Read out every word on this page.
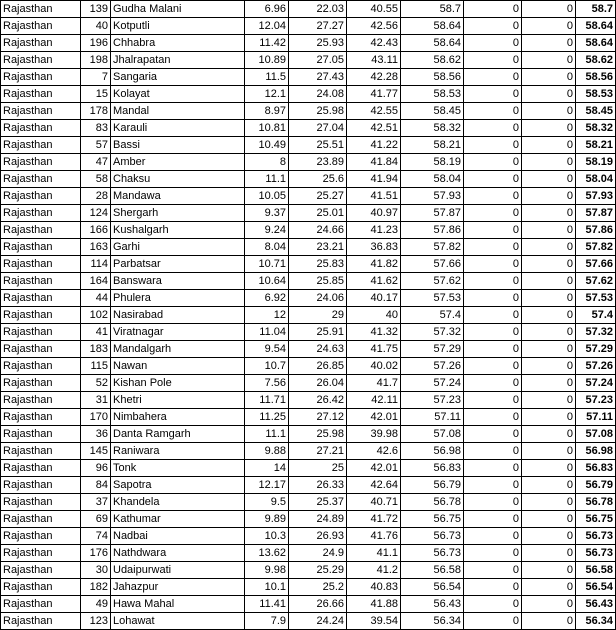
Rajasthan	139	Gudha Malani	6.96	22.03	40.55	58.7	0	0	58.7
Rajasthan	40	Kotputli	12.04	27.27	42.56	58.64	0	0	58.64
Rajasthan	196	Chhabra	11.42	25.93	42.43	58.64	0	0	58.64
Rajasthan	198	Jhalrapatan	10.89	27.05	43.11	58.62	0	0	58.62
Rajasthan	7	Sangaria	11.5	27.43	42.28	58.56	0	0	58.56
Rajasthan	15	Kolayat	12.1	24.08	41.77	58.53	0	0	58.53
Rajasthan	178	Mandal	8.97	25.98	42.55	58.45	0	0	58.45
Rajasthan	83	Karauli	10.81	27.04	42.51	58.32	0	0	58.32
Rajasthan	57	Bassi	10.49	25.51	41.22	58.21	0	0	58.21
Rajasthan	47	Amber	8	23.89	41.84	58.19	0	0	58.19
Rajasthan	58	Chaksu	11.1	25.6	41.94	58.04	0	0	58.04
Rajasthan	28	Mandawa	10.05	25.27	41.51	57.93	0	0	57.93
Rajasthan	124	Shergarh	9.37	25.01	40.97	57.87	0	0	57.87
Rajasthan	166	Kushalgarh	9.24	24.66	41.23	57.86	0	0	57.86
Rajasthan	163	Garhi	8.04	23.21	36.83	57.82	0	0	57.82
Rajasthan	114	Parbatsar	10.71	25.83	41.82	57.66	0	0	57.66
Rajasthan	164	Banswara	10.64	25.85	41.62	57.62	0	0	57.62
Rajasthan	44	Phulera	6.92	24.06	40.17	57.53	0	0	57.53
Rajasthan	102	Nasirabad	12	29	40	57.4	0	0	57.4
Rajasthan	41	Viratnagar	11.04	25.91	41.32	57.32	0	0	57.32
Rajasthan	183	Mandalgarh	9.54	24.63	41.75	57.29	0	0	57.29
Rajasthan	115	Nawan	10.7	26.85	40.02	57.26	0	0	57.26
Rajasthan	52	Kishan Pole	7.56	26.04	41.7	57.24	0	0	57.24
Rajasthan	31	Khetri	11.71	26.42	42.11	57.23	0	0	57.23
Rajasthan	170	Nimbahera	11.25	27.12	42.01	57.11	0	0	57.11
Rajasthan	36	Danta Ramgarh	11.1	25.98	39.98	57.08	0	0	57.08
Rajasthan	145	Raniwara	9.88	27.21	42.6	56.98	0	0	56.98
Rajasthan	96	Tonk	14	25	42.01	56.83	0	0	56.83
Rajasthan	84	Sapotra	12.17	26.33	42.64	56.79	0	0	56.79
Rajasthan	37	Khandela	9.5	25.37	40.71	56.78	0	0	56.78
Rajasthan	69	Kathumar	9.89	24.89	41.72	56.75	0	0	56.75
Rajasthan	74	Nadbai	10.3	26.93	41.76	56.73	0	0	56.73
Rajasthan	176	Nathdwara	13.62	24.9	41.1	56.73	0	0	56.73
Rajasthan	30	Udaipurwati	9.98	25.29	41.2	56.58	0	0	56.58
Rajasthan	182	Jahazpur	10.1	25.2	40.83	56.54	0	0	56.54
Rajasthan	49	Hawa Mahal	11.41	26.66	41.88	56.43	0	0	56.43
Rajasthan	123	Lohawat	7.9	24.24	39.54	56.34	0	0	56.34
